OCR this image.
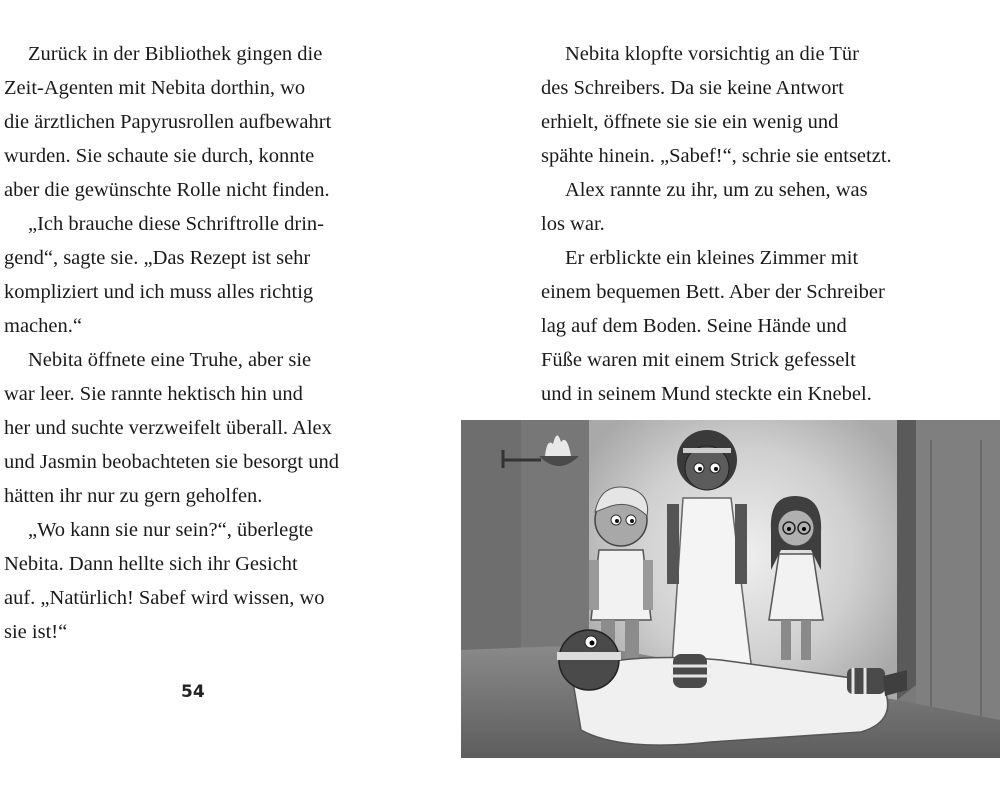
Zurück in der Bibliothek gingen die

Zeit-Agenten mit Nebita dorthin, wo

die ärztlichen Papyrusrollen aufbewahrt

wurden. Sie schaute sie durch, konnte

aber die gewünschte Rolle nicht finden.

„Ich brauche diese Schriftrolle drin-

gend“, sagte sie. „Das Rezept ist sehr

kompliziert und ich muss alles richtig

machen.“

Nebita öffnete eine Truhe, aber sie

war leer. Sie rannte hektisch hin und

her und suchte verzweifelt überall. Alex

und Jasmin beobachteten sie besorgt und

hätten ihr nur zu gern geholfen.

„Wo kann sie nur sein?“, überlegte

Nebita. Dann hellte sich ihr Gesicht

auf. „Natürlich! Sabef wird wissen, wo

sie ist!“

54

Nebita klopfte vorsichtig an die Tür

des Schreibers. Da sie keine Antwort

erhielt, öffnete sie sie ein wenig und

spähte hinein. „Sabef!“, schrie sie entsetzt.

Alex rannte zu ihr, um zu sehen, was

los war.

Er erblickte ein kleines Zimmer mit

einem bequemen Bett. Aber der Schreiber

lag auf dem Boden. Seine Hände und

Füße waren mit einem Strick gefesselt

und in seinem Mund steckte ein Knebel.
